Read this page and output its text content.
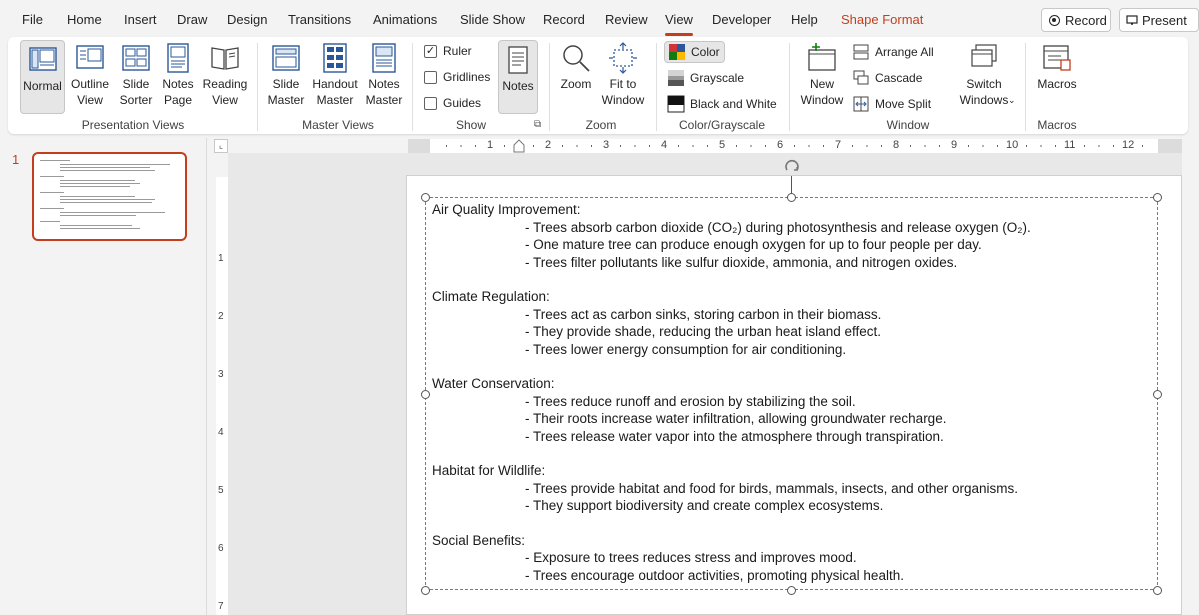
File Home Insert Draw Design Transitions Animations Slide Show Record Review View Developer Help Shape Format	Record	Present
Normal Outline
View
Slide
Sorter
Notes
Page
Reading
View
Presentation Views
Slide
Master
Handout
Master
Notes
Master
Master Views
✓ Ruler
Gridlines
Guides
Notes
Show	⧉
Zoom Fit to
Window
Zoom
Color
Grayscale
Black and White
Color/Grayscale
New
Window
Arrange All
Cascade
Move Split
Switch
Windows ⌄
Window
Macros
Macros
1
⌞	1	2	3	4	5	6	7	8	9	10	11	12
1
2
3
4
5
6
7
Air Quality Improvement:
- Trees absorb carbon dioxide (CO₂) during photosynthesis and release oxygen (O₂).
- One mature tree can produce enough oxygen for up to four people per day.
- Trees filter pollutants like sulfur dioxide, ammonia, and nitrogen oxides.
Climate Regulation:
- Trees act as carbon sinks, storing carbon in their biomass.
- They provide shade, reducing the urban heat island effect.
- Trees lower energy consumption for air conditioning.
Water Conservation:
- Trees reduce runoff and erosion by stabilizing the soil.
- Their roots increase water infiltration, allowing groundwater recharge.
- Trees release water vapor into the atmosphere through transpiration.
Habitat for Wildlife:
- Trees provide habitat and food for birds, mammals, insects, and other organisms.
- They support biodiversity and create complex ecosystems.
Social Benefits:
- Exposure to trees reduces stress and improves mood.
- Trees encourage outdoor activities, promoting physical health.
